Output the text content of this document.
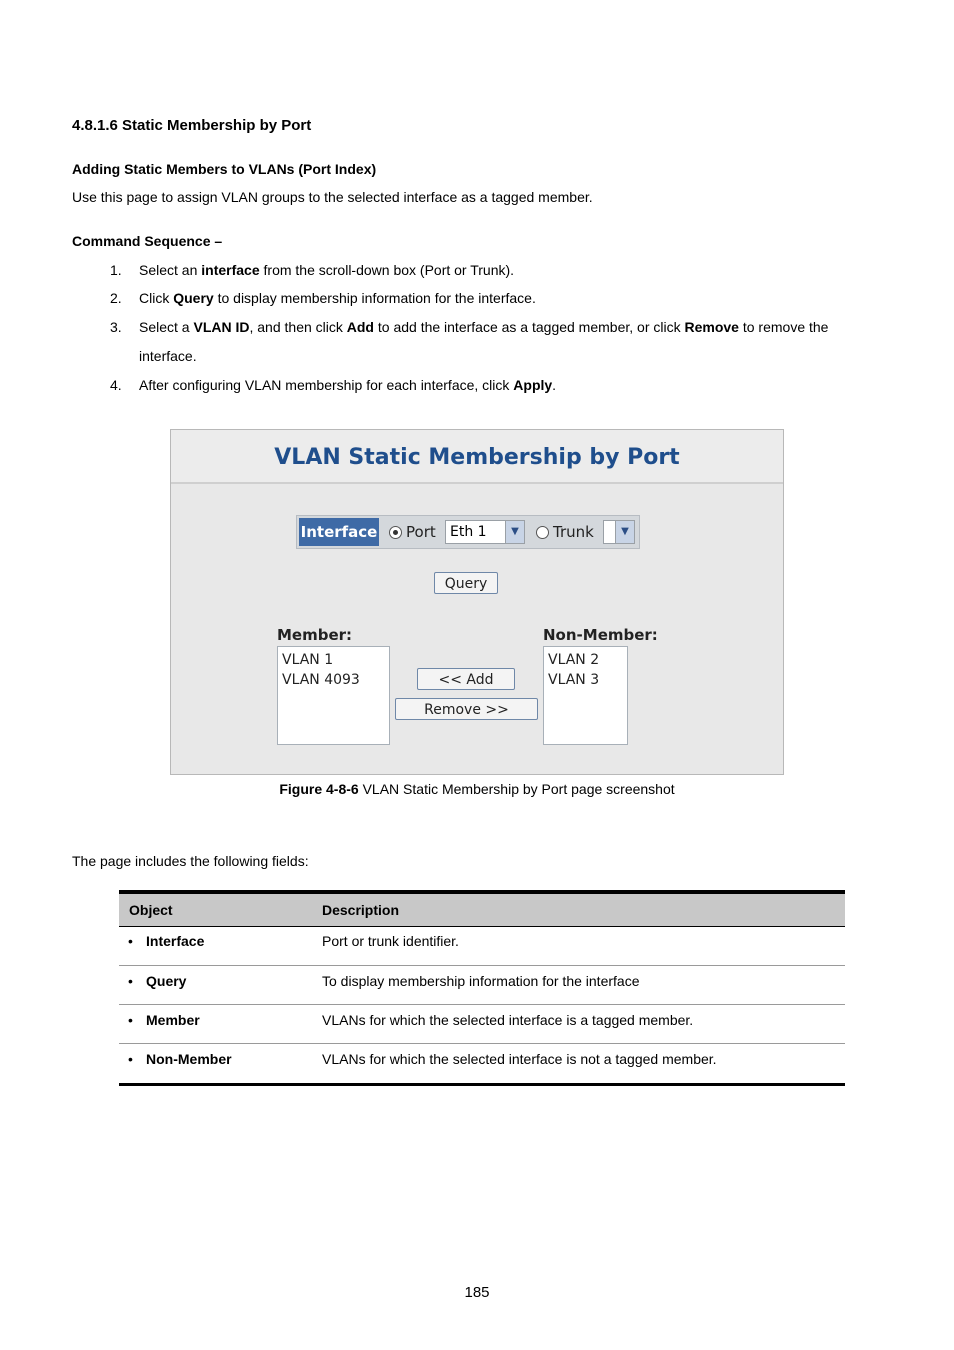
4.8.1.6 Static Membership by Port
Adding Static Members to VLANs (Port Index)
Use this page to assign VLAN groups to the selected interface as a tagged member.
Command Sequence –
1. Select an interface from the scroll-down box (Port or Trunk).
2. Click Query to display membership information for the interface.
3. Select a VLAN ID, and then click Add to add the interface as a tagged member, or click Remove to remove the
interface.
4. After configuring VLAN membership for each interface, click Apply.
VLAN Static Membership by Port
Interface Port Eth 1	▼	Trunk	▼
Query
Member:
VLAN 1
VLAN 4093	<< Add
Remove >>
Non-Member:
VLAN 2
VLAN 3
Figure 4-8-6 VLAN Static Membership by Port page screenshot
The page includes the following fields:
Object	Description
• Interface	Port or trunk identifier.
• Query	To display membership information for the interface
• Member	VLANs for which the selected interface is a tagged member.
• Non-Member	VLANs for which the selected interface is not a tagged member.
185
